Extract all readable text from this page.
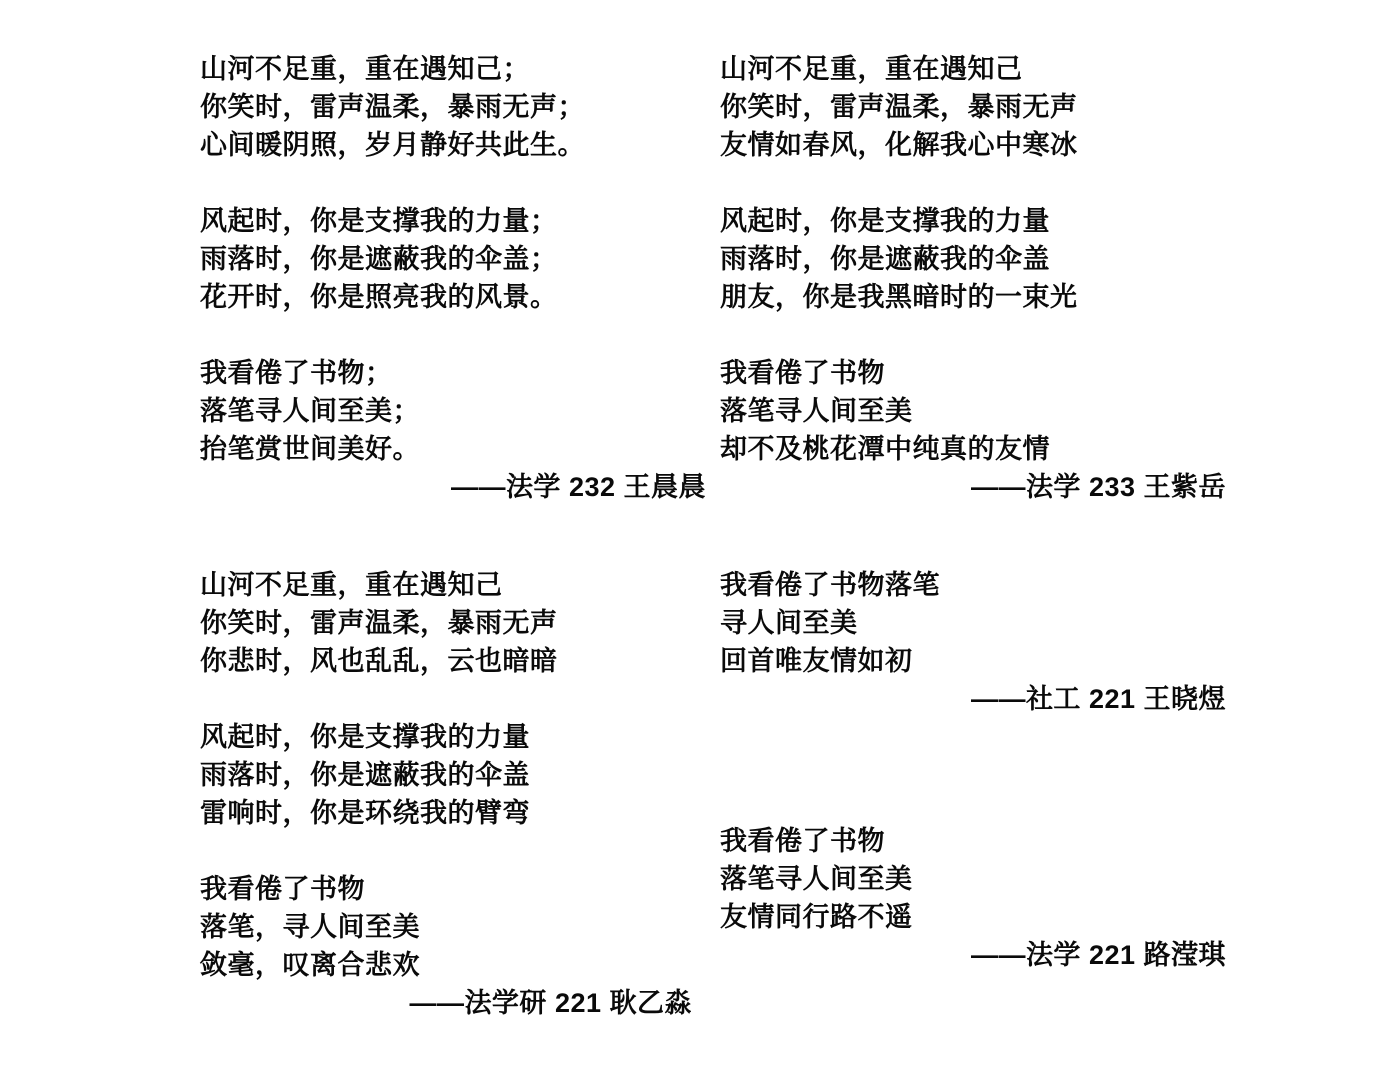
山河不足重，重在遇知己；
你笑时，雷声温柔，暴雨无声；
心间暖阴照，岁月静好共此生。
风起时，你是支撑我的力量；
雨落时，你是遮蔽我的伞盖；
花开时，你是照亮我的风景。
我看倦了书物；
落笔寻人间至美；
抬笔赏世间美好。
——法学 232 王晨晨
山河不足重，重在遇知己
你笑时，雷声温柔，暴雨无声
你悲时，风也乱乱，云也暗暗
风起时，你是支撑我的力量
雨落时，你是遮蔽我的伞盖
雷响时，你是环绕我的臂弯
我看倦了书物
落笔，寻人间至美
敛毫，叹离合悲欢
——法学研 221 耿乙淼
山河不足重，重在遇知己
你笑时，雷声温柔，暴雨无声
友情如春风，化解我心中寒冰
风起时，你是支撑我的力量
雨落时，你是遮蔽我的伞盖
朋友，你是我黑暗时的一束光
我看倦了书物
落笔寻人间至美
却不及桃花潭中纯真的友情
——法学 233 王紫岳
我看倦了书物落笔
寻人间至美
回首唯友情如初
——社工 221 王晓煜
我看倦了书物
落笔寻人间至美
友情同行路不遥
——法学 221 路滢琪
